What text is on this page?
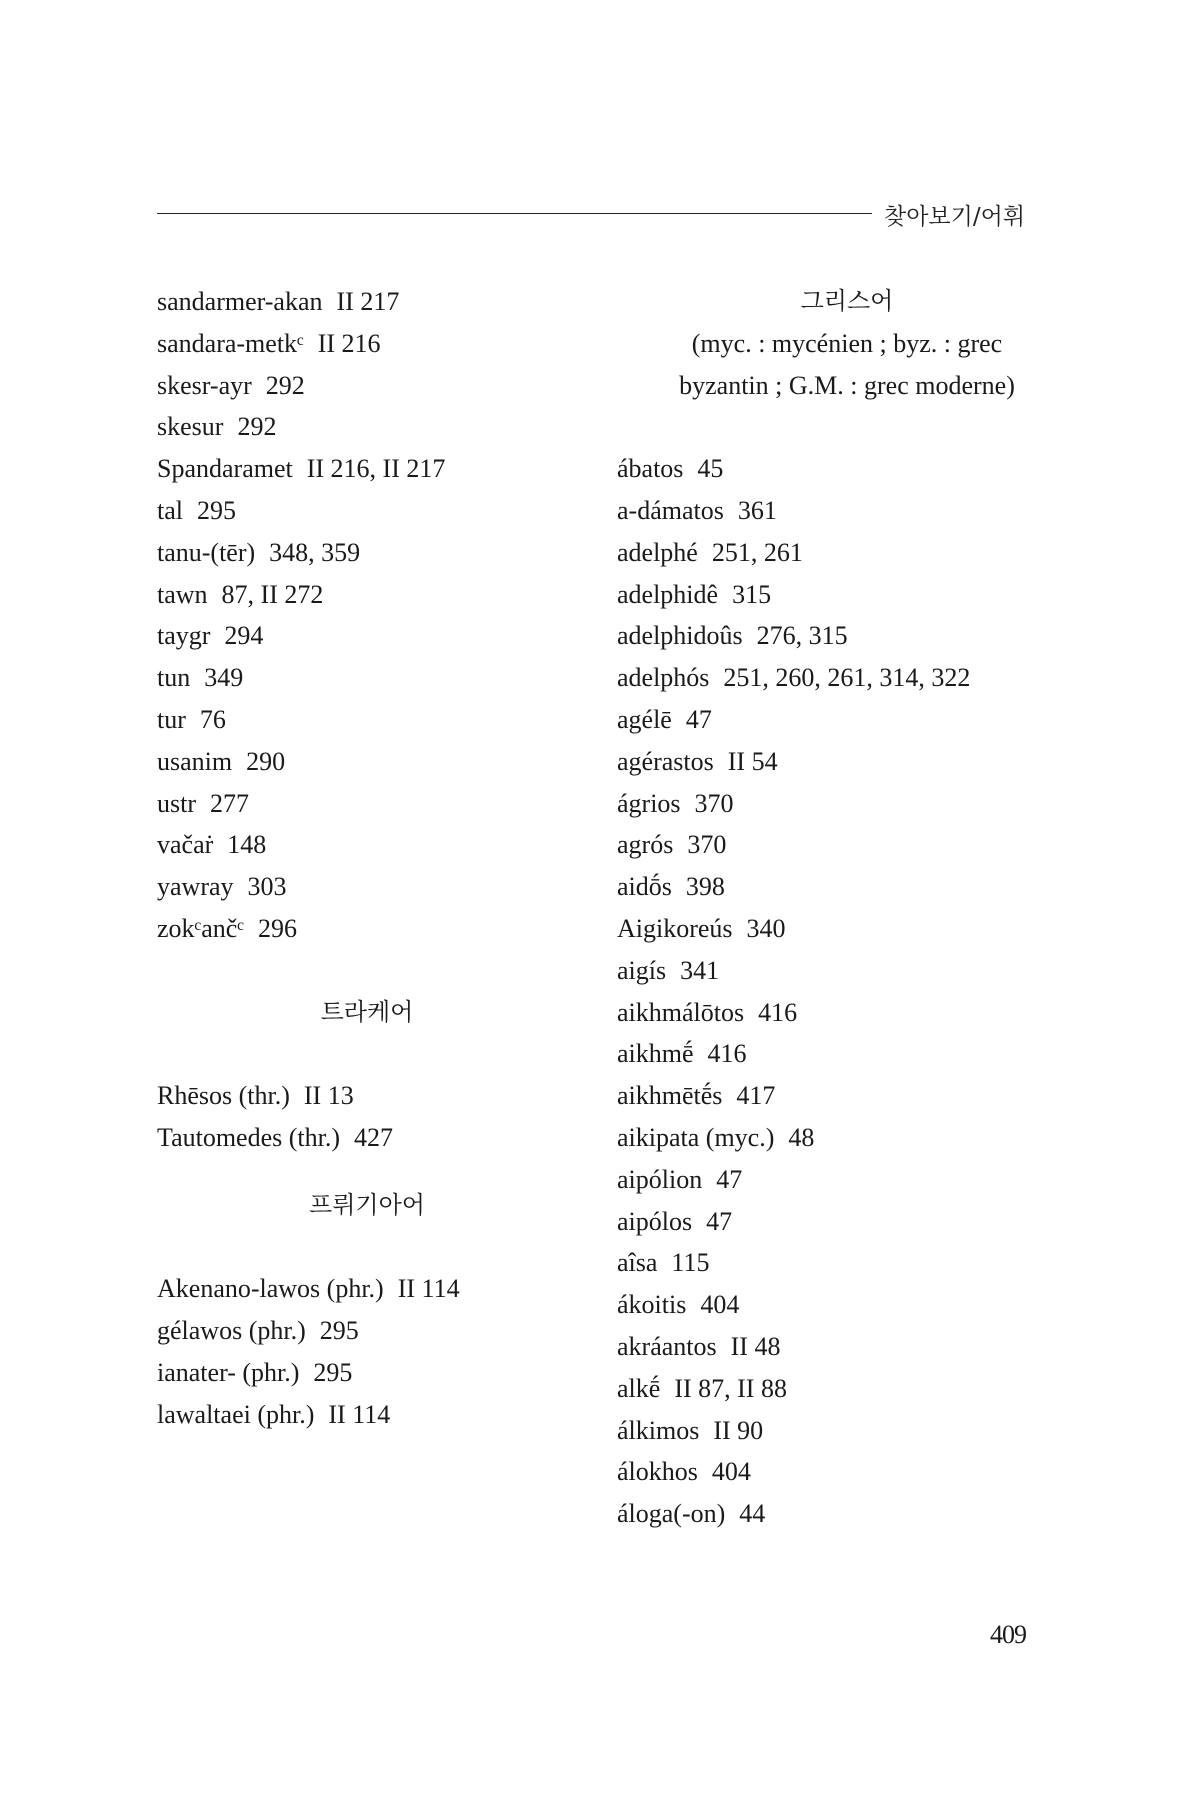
찾아보기/어휘
sandarmer-akan II 217
sandara-metkᶜ II 216
skesr-ayr 292
skesur 292
Spandaramet II 216, II 217
tal 295
tanu-(tēr) 348, 359
tawn 87, II 272
taygr 294
tun 349
tur 76
usanim 290
ustr 277
vačaṙ 148
yawray 303
zokᶜančᶜ 296
트라케어
Rhēsos (thr.) II 13
Tautomedes (thr.) 427
프뤼기아어
Akenano-lawos (phr.) II 114
gélawos (phr.) 295
ianater- (phr.) 295
lawaltaei (phr.) II 114
그리스어
(myc. : mycénien ; byz. : grec
byzantin ; G.M. : grec moderne)
ábatos 45
a-dámatos 361
adelphé 251, 261
adelphidê 315
adelphidoûs 276, 315
adelphós 251, 260, 261, 314, 322
agélē 47
agérastos II 54
ágrios 370
agrós 370
aidṓs 398
Aigikoreús 340
aigís 341
aikhmálōtos 416
aikhmḗ 416
aikhmētḗs 417
aikipata (myc.) 48
aipólion 47
aipólos 47
aîsa 115
ákoitis 404
akráantos II 48
alkḗ II 87, II 88
álkimos II 90
álokhos 404
áloga(-on) 44
409
